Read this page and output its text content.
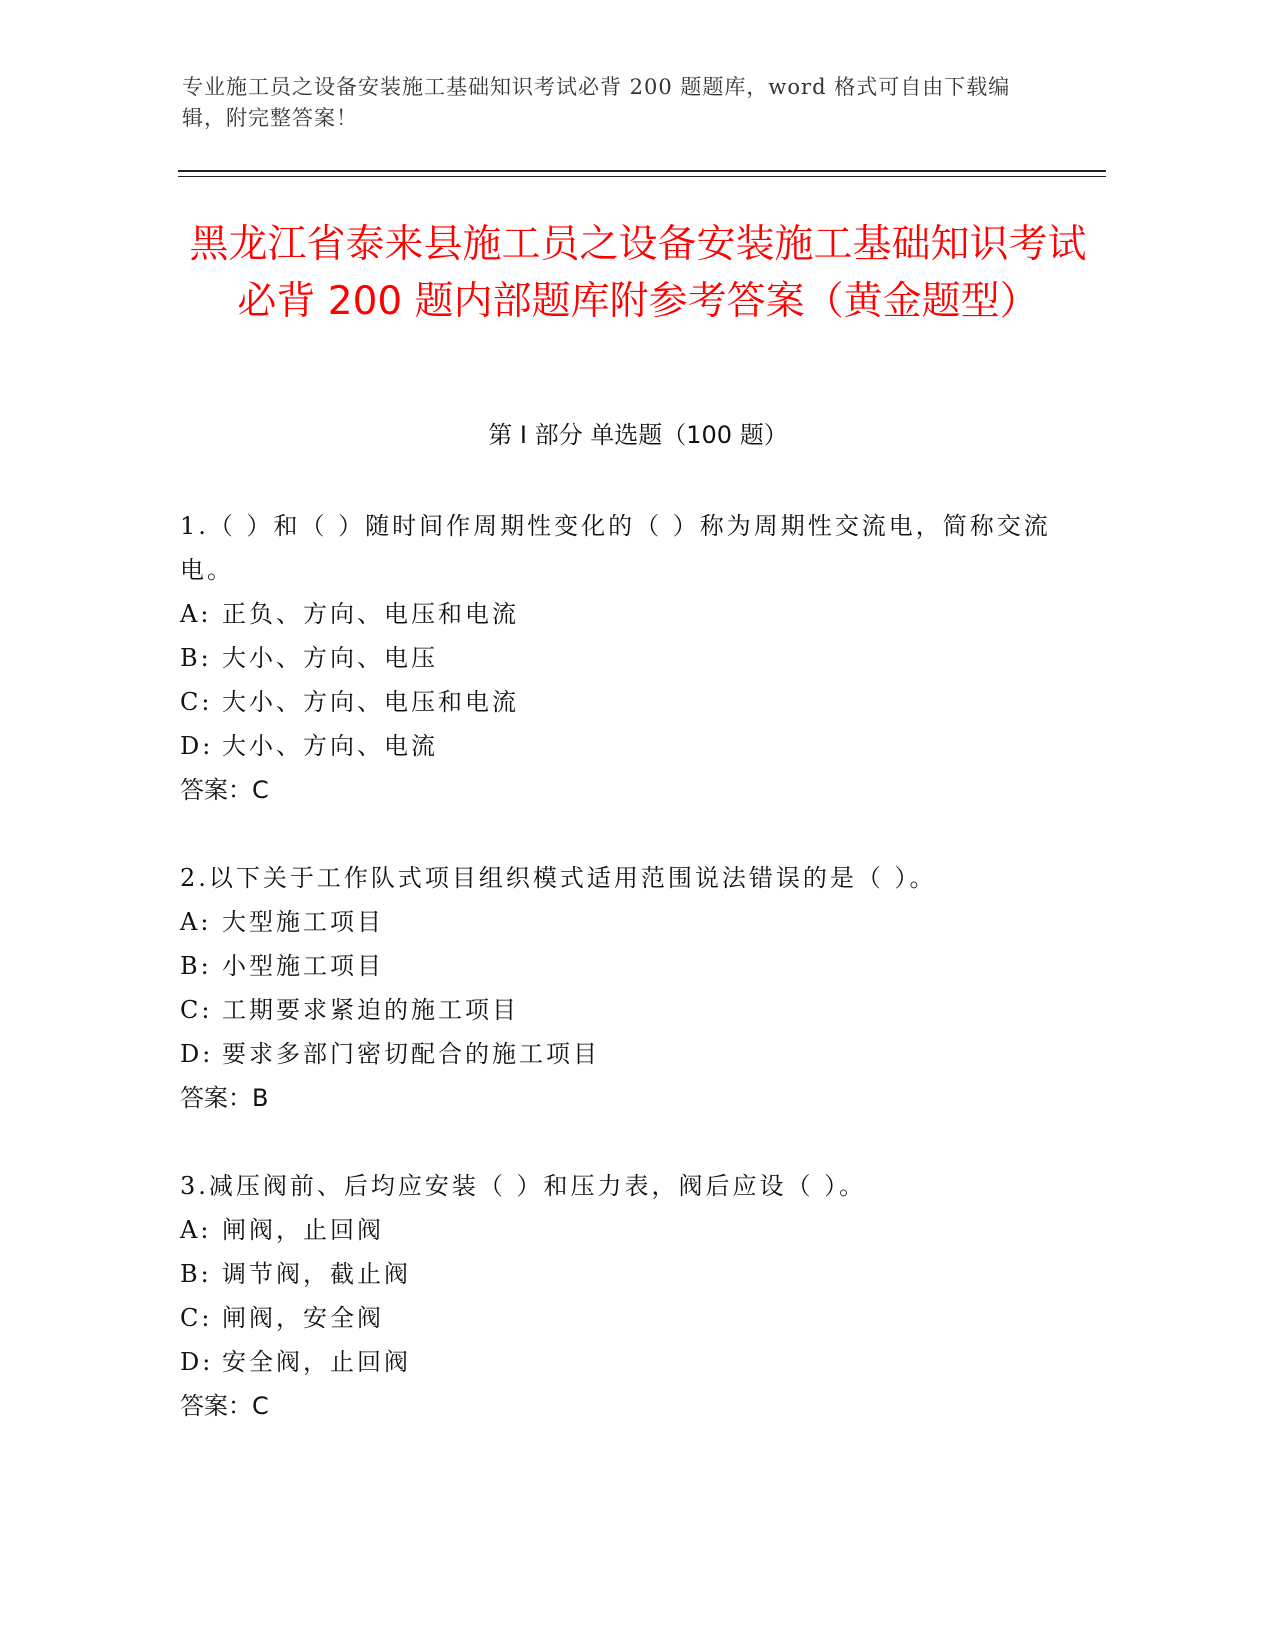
专业施工员之设备安装施工基础知识考试必背 200 题题库，word 格式可自由下载编辑，附完整答案！
黑龙江省泰来县施工员之设备安装施工基础知识考试必背 200 题内部题库附参考答案（黄金题型）
第 I 部分 单选题（100 题）

1.（ ）和（ ）随时间作周期性变化的（ ）称为周期性交流电，简称交流电。

A: 正负、方向、电压和电流

B: 大小、方向、电压

C: 大小、方向、电压和电流

D: 大小、方向、电流

答案：C

2.以下关于工作队式项目组织模式适用范围说法错误的是（ ）。

A: 大型施工项目

B: 小型施工项目

C: 工期要求紧迫的施工项目

D: 要求多部门密切配合的施工项目

答案：B

3.减压阀前、后均应安装（ ）和压力表，阀后应设（ ）。

A: 闸阀，止回阀

B: 调节阀，截止阀

C: 闸阀，安全阀

D: 安全阀，止回阀

答案：C
